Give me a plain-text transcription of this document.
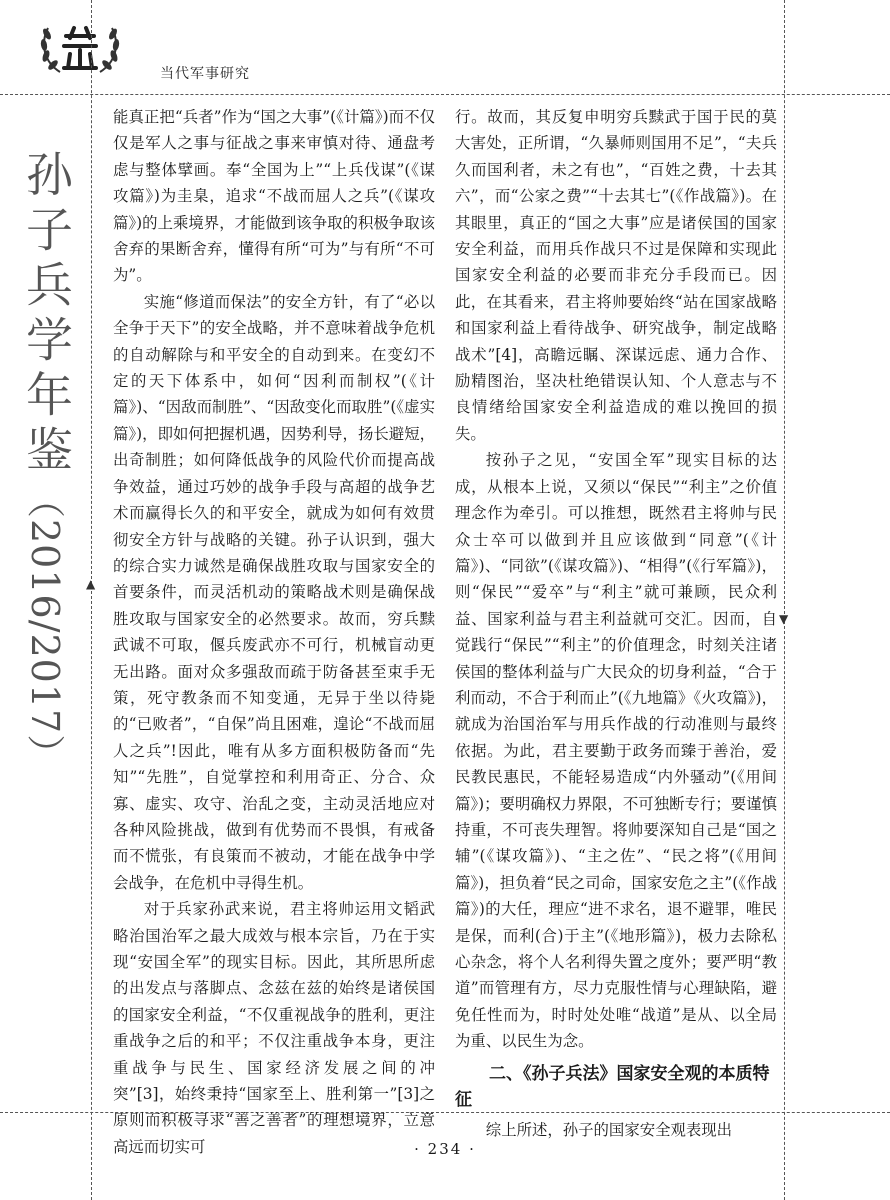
当代军事研究
孙子兵学年鉴（2016/2017）	▲
▼

能真正把“兵者”作为“国之大事”(《计篇》)而不仅仅是军人之事与征战之事来审慎对待、通盘考虑与整体擘画。奉“全国为上”“上兵伐谋”(《谋攻篇》)为圭臬，追求“不战而屈人之兵”(《谋攻篇》)的上乘境界，才能做到该争取的积极争取该舍弃的果断舍弃，懂得有所“可为”与有所“不可为”。

实施“修道而保法”的安全方针，有了“必以全争于天下”的安全战略，并不意味着战争危机的自动解除与和平安全的自动到来。在变幻不定的天下体系中，如何“因利而制权”(《计篇》)、“因敌而制胜”、“因敌变化而取胜”(《虚实篇》)，即如何把握机遇，因势利导，扬长避短，出奇制胜；如何降低战争的风险代价而提高战争效益，通过巧妙的战争手段与高超的战争艺术而赢得长久的和平安全，就成为如何有效贯彻安全方针与战略的关键。孙子认识到，强大的综合实力诚然是确保战胜攻取与国家安全的首要条件，而灵活机动的策略战术则是确保战胜攻取与国家安全的必然要求。故而，穷兵黩武诚不可取，偃兵废武亦不可行，机械盲动更无出路。面对众多强敌而疏于防备甚至束手无策，死守教条而不知变通，无异于坐以待毙的“已败者”，“自保”尚且困难，遑论“不战而屈人之兵”!因此，唯有从多方面积极防备而“先知”“先胜”，自觉掌控和利用奇正、分合、众寡、虚实、攻守、治乱之变，主动灵活地应对各种风险挑战，做到有优势而不畏惧，有戒备而不慌张，有良策而不被动，才能在战争中学会战争，在危机中寻得生机。

对于兵家孙武来说，君主将帅运用文韬武略治国治军之最大成效与根本宗旨，乃在于实现“安国全军”的现实目标。因此，其所思所虑的出发点与落脚点、念兹在兹的始终是诸侯国的国家安全利益，“不仅重视战争的胜利，更注重战争之后的和平；不仅注重战争本身，更注重战争与民生、国家经济发展之间的冲突”[3]，始终秉持“国家至上、胜利第一”[3]之原则而积极寻求“善之善者”的理想境界，立意高远而切实可

行。故而，其反复申明穷兵黩武于国于民的莫大害处，正所谓，“久暴师则国用不足”，“夫兵久而国利者，未之有也”，“百姓之费，十去其六”，而“公家之费”“十去其七”(《作战篇》)。在其眼里，真正的“国之大事”应是诸侯国的国家安全利益，而用兵作战只不过是保障和实现此国家安全利益的必要而非充分手段而已。因此，在其看来，君主将帅要始终“站在国家战略和国家利益上看待战争、研究战争，制定战略战术”[4]，高瞻远瞩、深谋远虑、通力合作、励精图治，坚决杜绝错误认知、个人意志与不良情绪给国家安全利益造成的难以挽回的损失。

按孙子之见，“安国全军”现实目标的达成，从根本上说，又须以“保民”“利主”之价值理念作为牵引。可以推想，既然君主将帅与民众士卒可以做到并且应该做到“同意”(《计篇》)、“同欲”(《谋攻篇》)、“相得”(《行军篇》)，则“保民”“爱卒”与“利主”就可兼顾，民众利益、国家利益与君主利益就可交汇。因而，自觉践行“保民”“利主”的价值理念，时刻关注诸侯国的整体利益与广大民众的切身利益，“合于利而动，不合于利而止”(《九地篇》《火攻篇》)，就成为治国治军与用兵作战的行动准则与最终依据。为此，君主要勤于政务而臻于善治，爱民教民惠民，不能轻易造成“内外骚动”(《用间篇》)；要明确权力界限，不可独断专行；要谨慎持重，不可丧失理智。将帅要深知自己是“国之辅”(《谋攻篇》)、“主之佐”、“民之将”(《用间篇》)，担负着“民之司命，国家安危之主”(《作战篇》)的大任，理应“进不求名，退不避罪，唯民是保，而利(合)于主”(《地形篇》)，极力去除私心杂念，将个人名利得失置之度外；要严明“教道”而管理有方，尽力克服性情与心理缺陷，避免任性而为，时时处处唯“战道”是从、以全局为重、以民生为念。

二、《孙子兵法》国家安全观的本质特征

综上所述，孙子的国家安全观表现出

· 234 ·
